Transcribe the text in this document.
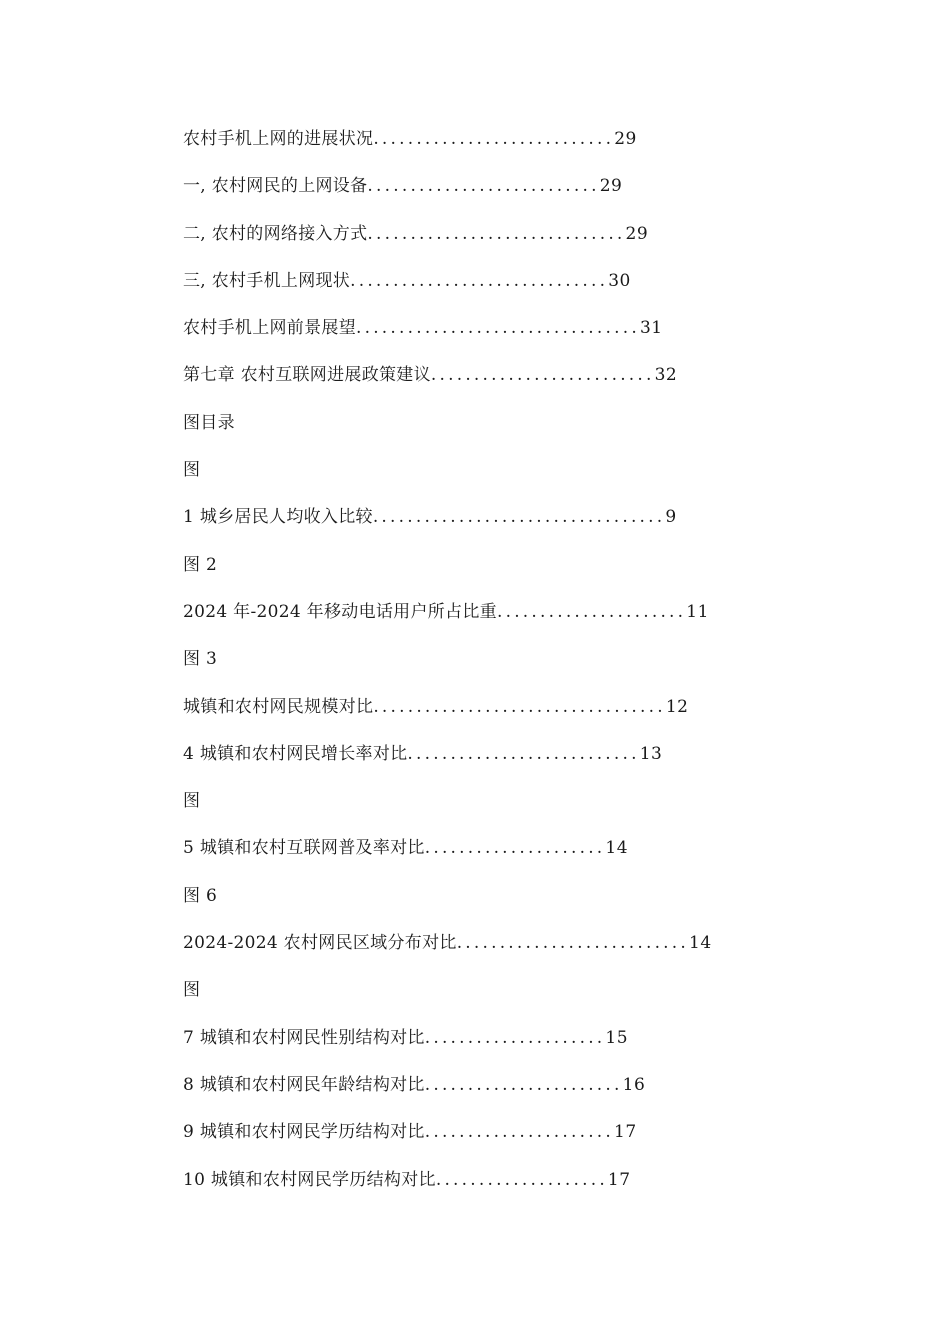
农村手机上网的进展状况............................29
一, 农村网民的上网设备...........................29
二, 农村的网络接入方式..............................29
三, 农村手机上网现状..............................30
农村手机上网前景展望.................................31
第七章 农村互联网进展政策建议..........................32
图目录
图
1 城乡居民人均收入比较..................................9
图 2
2024 年-2024 年移动电话用户所占比重......................11
图 3
城镇和农村网民规模对比..................................12
4 城镇和农村网民增长率对比...........................13
图
5 城镇和农村互联网普及率对比.....................14
图 6
2024-2024 农村网民区域分布对比...........................14
图
7 城镇和农村网民性别结构对比.....................15
8 城镇和农村网民年龄结构对比.......................16
9 城镇和农村网民学历结构对比......................17
10 城镇和农村网民学历结构对比....................17
